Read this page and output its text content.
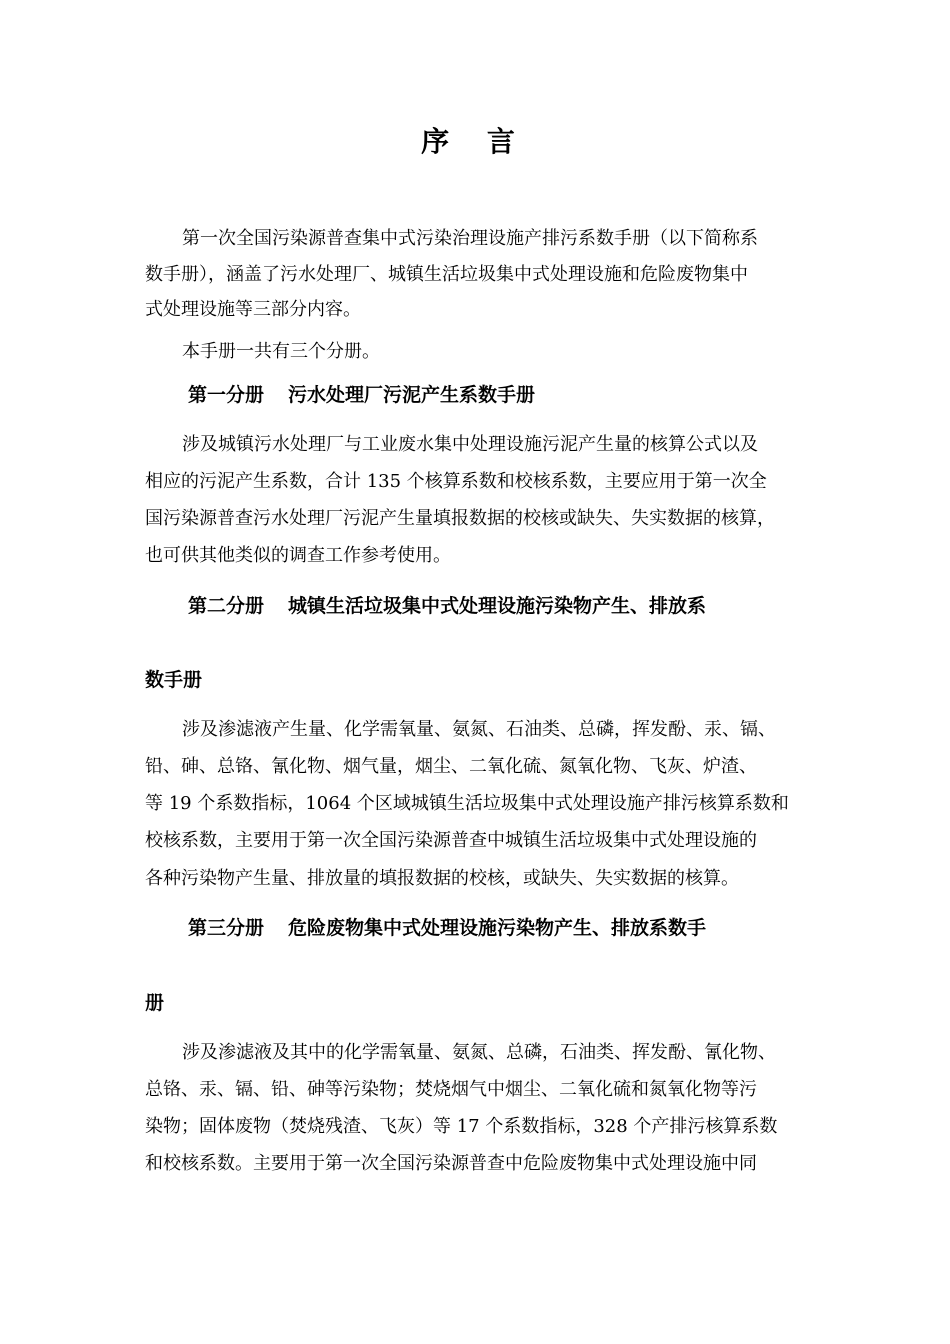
序 言
第一次全国污染源普查集中式污染治理设施产排污系数手册（以下简称系
数手册），涵盖了污水处理厂、城镇生活垃圾集中式处理设施和危险废物集中
式处理设施等三部分内容。
本手册一共有三个分册。
第一分册 污水处理厂污泥产生系数手册
涉及城镇污水处理厂与工业废水集中处理设施污泥产生量的核算公式以及
相应的污泥产生系数，合计 135 个核算系数和校核系数，主要应用于第一次全
国污染源普查污水处理厂污泥产生量填报数据的校核或缺失、失实数据的核算，
也可供其他类似的调查工作参考使用。
第二分册 城镇生活垃圾集中式处理设施污染物产生、排放系
数手册
涉及渗滤液产生量、化学需氧量、氨氮、石油类、总磷，挥发酚、汞、镉、
铅、砷、总铬、氰化物、烟气量，烟尘、二氧化硫、氮氧化物、飞灰、炉渣、
等 19 个系数指标，1064 个区域城镇生活垃圾集中式处理设施产排污核算系数和
校核系数，主要用于第一次全国污染源普查中城镇生活垃圾集中式处理设施的
各种污染物产生量、排放量的填报数据的校核，或缺失、失实数据的核算。
第三分册 危险废物集中式处理设施污染物产生、排放系数手
册
涉及渗滤液及其中的化学需氧量、氨氮、总磷，石油类、挥发酚、氰化物、
总铬、汞、镉、铅、砷等污染物；焚烧烟气中烟尘、二氧化硫和氮氧化物等污
染物；固体废物（焚烧残渣、飞灰）等 17 个系数指标，328 个产排污核算系数
和校核系数。主要用于第一次全国污染源普查中危险废物集中式处理设施中同
